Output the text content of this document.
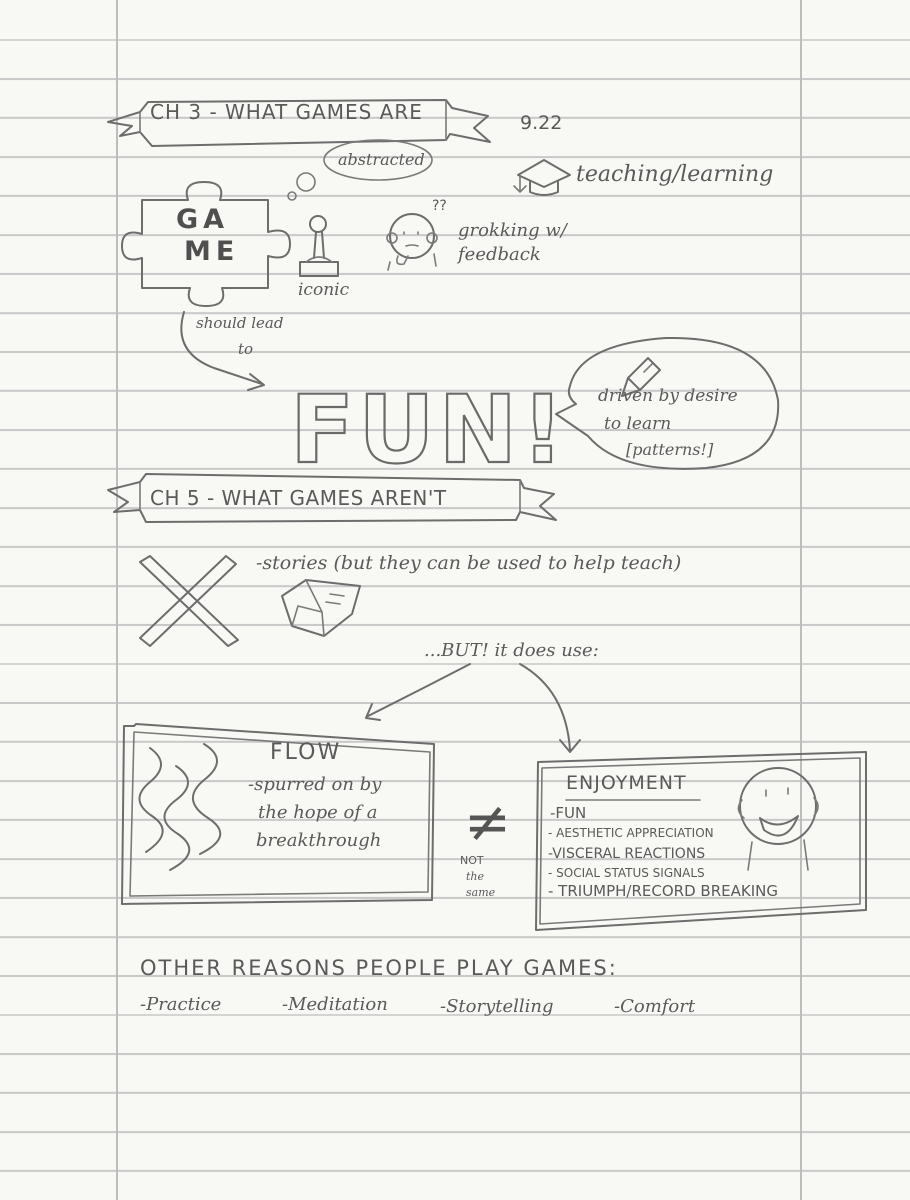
FUN!
CH 3 - WHAT GAMES ARE	9.22
abstracted
teaching/learning
GA
ME
??
grokking w/
feedback
iconic
should lead
to
driven by desire
to learn
[patterns!]
CH 5 - WHAT GAMES AREN'T
-stories (but they can be used to help teach)
...BUT! it does use:
FLOW
-spurred on by
the hope of a
breakthrough ≠
NOT
the
same
ENJOYMENT
-FUN
- AESTHETIC APPRECIATION
-VISCERAL REACTIONS
- SOCIAL STATUS SIGNALS
- TRIUMPH/RECORD BREAKING
OTHER REASONS PEOPLE PLAY GAMES:
-Practice	-Meditation	-Storytelling	-Comfort
